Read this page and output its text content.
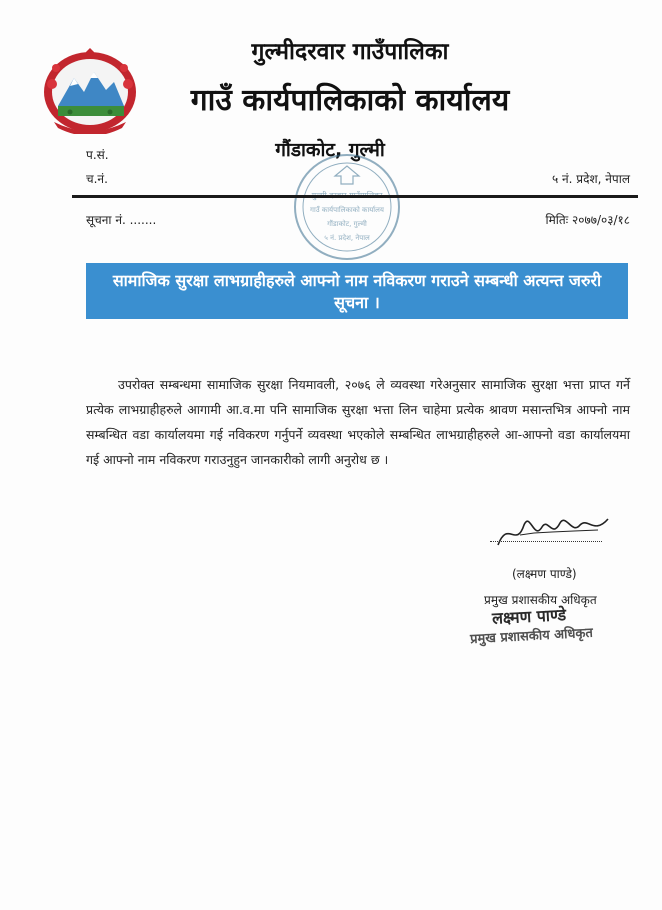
गुल्मीदरवार गाउँपालिका
गाउँ कार्यपालिकाको कार्यालय
गौंडाकोट, गुल्मी
प.सं.
च.नं.	५ नं. प्रदेश, नेपाल
गुल्मी दरवार गाउँपालिका
गाउँ कार्यपालिकाको कार्यालय
गौंडाकोट, गुल्मी
५ नं. प्रदेश, नेपाल
सूचना नं. .......	मितिः २०७७/०३/१८
सामाजिक सुरक्षा लाभग्राहीहरुले आफ्नो नाम नविकरण गराउने सम्बन्धी अत्यन्त जरुरी सूचना ।
उपरोक्त सम्बन्धमा सामाजिक सुरक्षा नियमावली, २०७६ ले व्यवस्था गरेअनुसार सामाजिक सुरक्षा भत्ता प्राप्त गर्ने प्रत्येक लाभग्राहीहरुले आगामी आ.व.मा पनि सामाजिक सुरक्षा भत्ता लिन चाहेमा प्रत्येक श्रावण मसान्तभित्र आफ्नो नाम सम्बन्धित वडा कार्यालयमा गई नविकरण गर्नुपर्ने व्यवस्था भएकोले सम्बन्धित लाभग्राहीहरुले आ-आफ्नो वडा कार्यालयमा गई आफ्नो नाम नविकरण गराउनुहुन जानकारीको लागी अनुरोध छ ।
(लक्ष्मण पाण्डे)
प्रमुख प्रशासकीय अधिकृत
लक्ष्मण पाण्डे
प्रमुख प्रशासकीय अधिकृत
